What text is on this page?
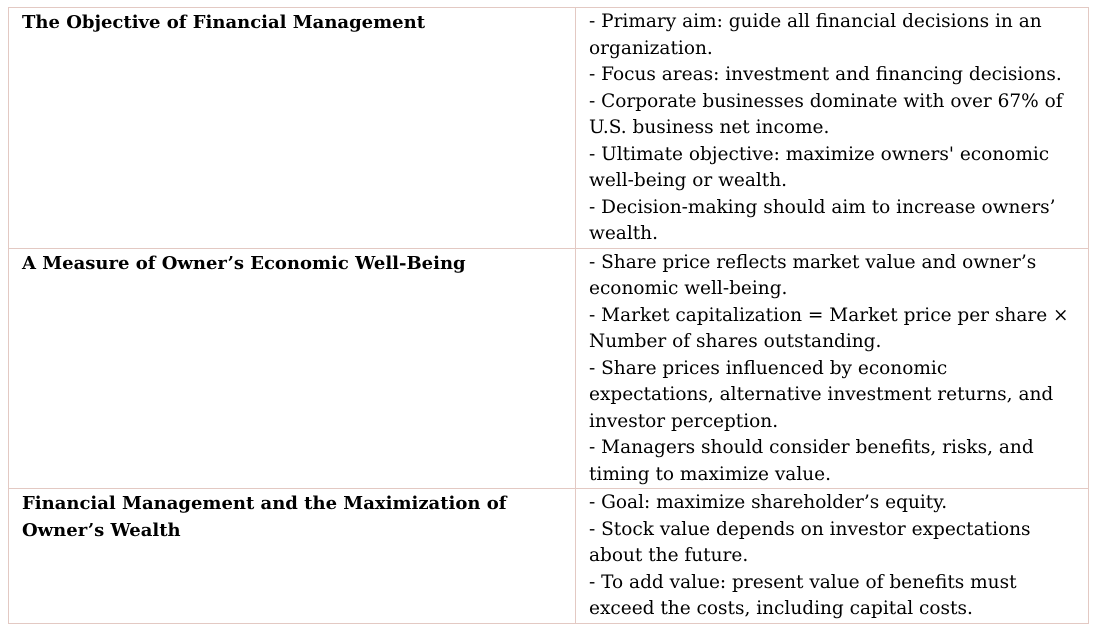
The Objective of Financial Management	- Primary aim: guide all financial decisions in an organization.
- Focus areas: investment and financing decisions.
- Corporate businesses dominate with over 67% of U.S. business net income.
- Ultimate objective: maximize owners' economic well-being or wealth.
- Decision-making should aim to increase owners’ wealth.

A Measure of Owner’s Economic Well-Being	- Share price reflects market value and owner’s economic well-being.
- Market capitalization = Market price per share × Number of shares outstanding.
- Share prices influenced by economic expectations, alternative investment returns, and investor perception.
- Managers should consider benefits, risks, and timing to maximize value.

Financial Management and the Maximization of Owner’s Wealth	- Goal: maximize shareholder’s equity.
- Stock value depends on investor expectations about the future.
- To add value: present value of benefits must exceed the costs, including capital costs.
